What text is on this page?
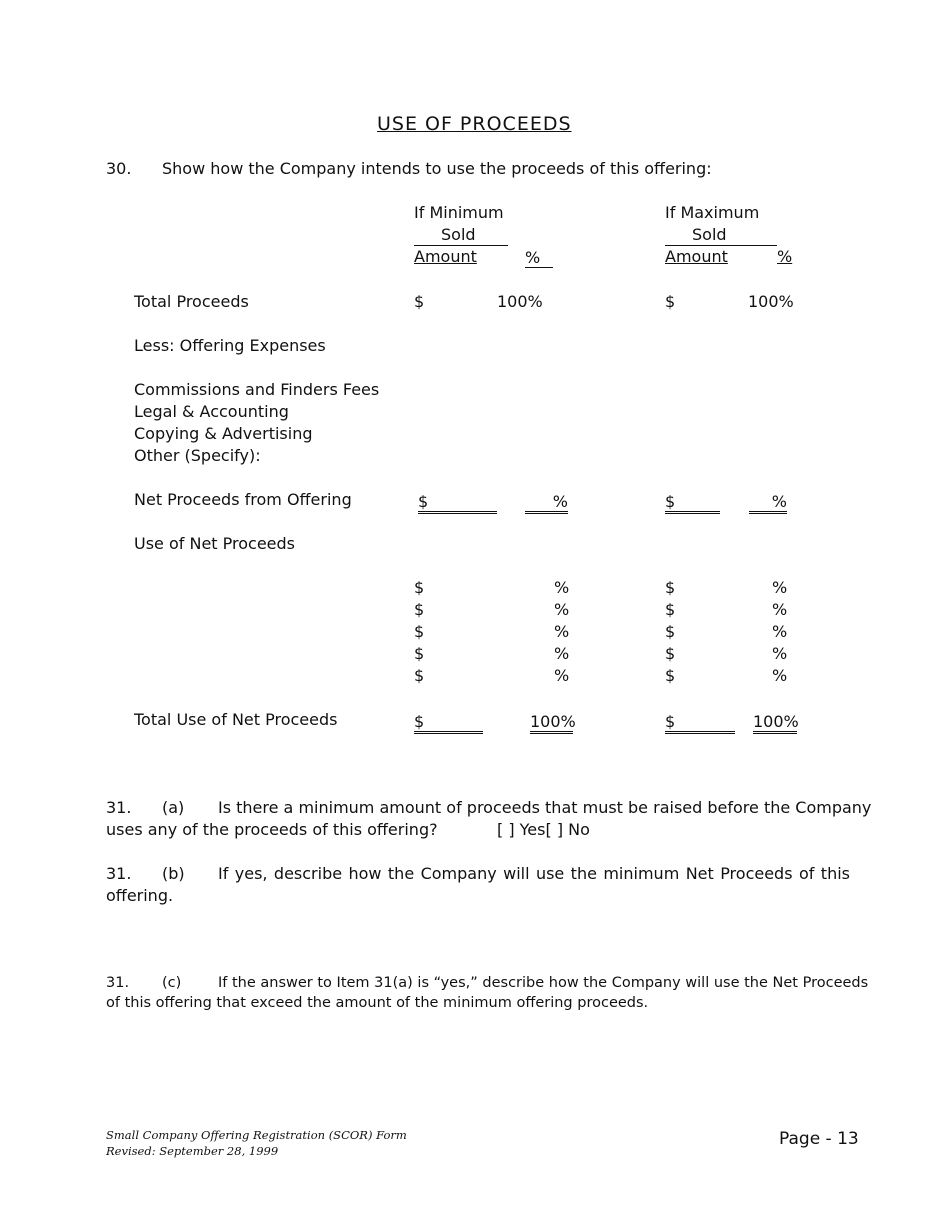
USE OF PROCEEDS
30. Show how the Company intends to use the proceeds of this offering:
If Minimum
Sold
Amount	%
If Maximum
Sold
Amount	%
Total Proceeds	$	100%	$	100%
Less: Offering Expenses
Commissions and Finders Fees
Legal & Accounting
Copying & Advertising
Other (Specify):
Net Proceeds from Offering	$	%	$	%
Use of Net Proceeds
$	%	$	%
$	%	$	%
$	%	$	%
$	%	$	%
$	%	$	%
Total Use of Net Proceeds	$	100%	$	100%
31. (a) Is there a minimum amount of proceeds that must be raised before the Company
uses any of the proceeds of this offering?	[ ] Yes[ ] No
31. (b) If yes, describe how the Company will use the minimum Net Proceeds of this
offering.
31. (c)	If the answer to Item 31(a) is “yes,” describe how the Company will use the Net Proceeds
of this offering that exceed the amount of the minimum offering proceeds.
Small Company Offering Registration (SCOR) Form
Revised: September 28, 1999
Page - 13
